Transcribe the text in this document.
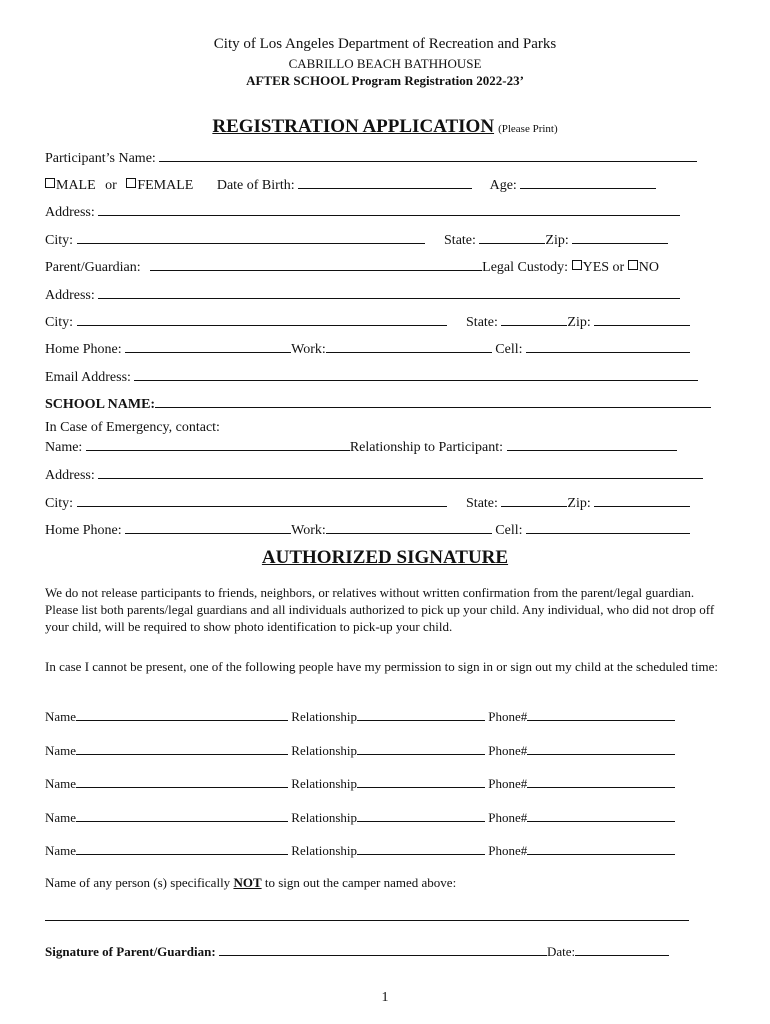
City of Los Angeles Department of Recreation and Parks
CABRILLO BEACH BATHHOUSE
AFTER SCHOOL Program Registration 2022-23’
REGISTRATION APPLICATION (Please Print)
Participant’s Name:
MALE or FEMALE Date of Birth:	Age:
Address:
City:	State:	Zip:
Parent/Guardian:	Legal Custody: YES or NO
Address:
City:	State:	Zip:
Home Phone:	Work:	Cell:
Email Address:
SCHOOL NAME:
In Case of Emergency, contact:
Name:	Relationship to Participant:
Address:
City:	State:	Zip:
Home Phone:	Work:	Cell:
AUTHORIZED SIGNATURE
We do not release participants to friends, neighbors, or relatives without written confirmation from the parent/legal guardian. Please list both parents/legal guardians and all individuals authorized to pick up your child. Any individual, who did not drop off your child, will be required to show photo identification to pick-up your child.
In case I cannot be present, one of the following people have my permission to sign in or sign out my child at the scheduled time:
Name	Relationship	Phone#
Name	Relationship	Phone#
Name	Relationship	Phone#
Name	Relationship	Phone#
Name	Relationship	Phone#
Name of any person (s) specifically NOT to sign out the camper named above:
Signature of Parent/Guardian:	Date:
1
